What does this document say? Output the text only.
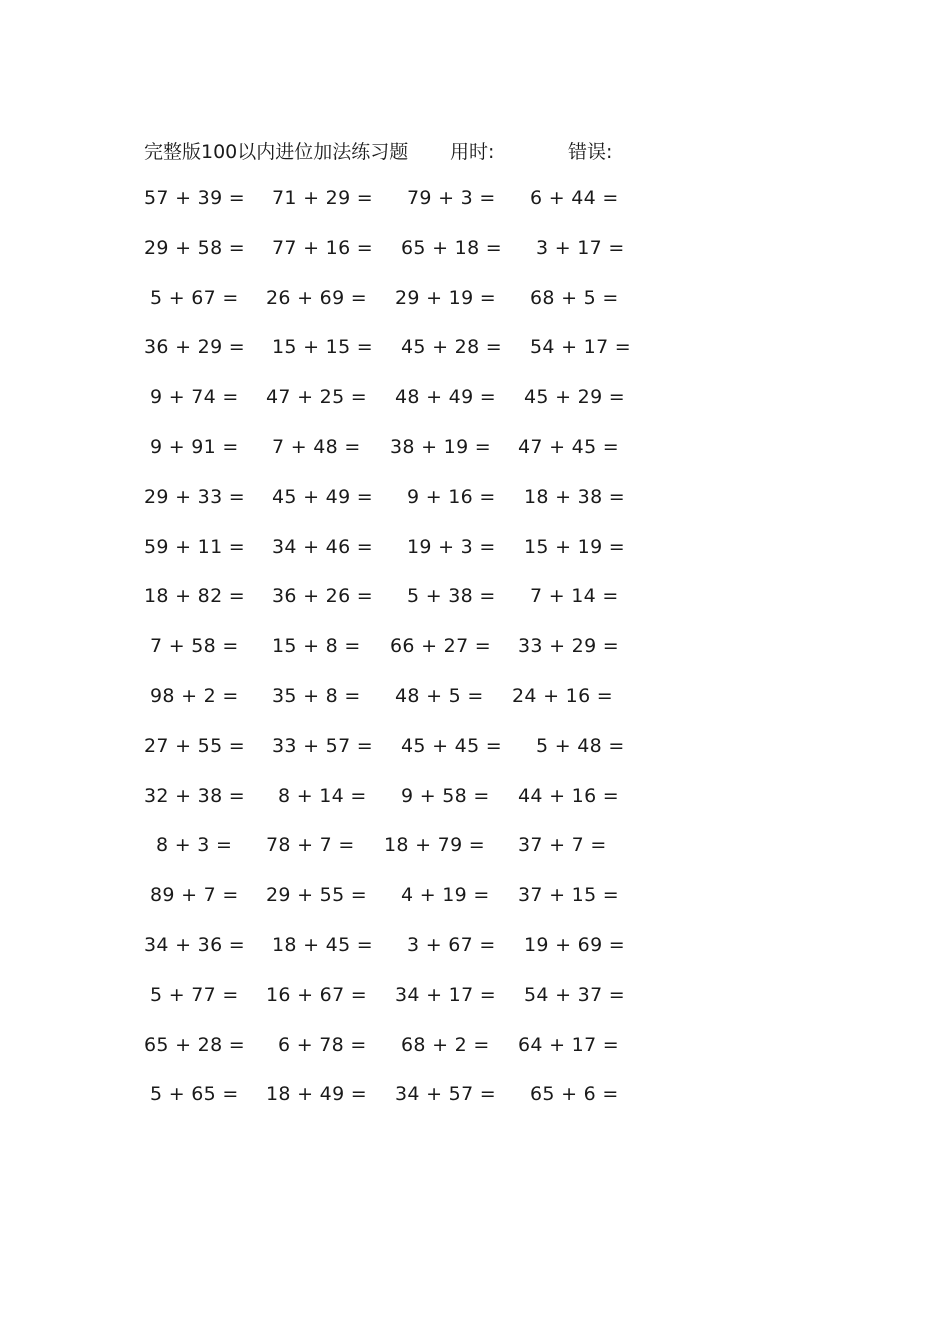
完整版100以内进位加法练习题 用时:	错误:
57 + 39 = 71 + 29 = 79 + 3 = 6 + 44 =
29 + 58 = 77 + 16 = 65 + 18 = 3 + 17 =
5 + 67 = 26 + 69 = 29 + 19 = 68 + 5 =
36 + 29 = 15 + 15 = 45 + 28 = 54 + 17 =
9 + 74 = 47 + 25 = 48 + 49 = 45 + 29 =
9 + 91 = 7 + 48 = 38 + 19 = 47 + 45 =
29 + 33 = 45 + 49 = 9 + 16 = 18 + 38 =
59 + 11 = 34 + 46 = 19 + 3 = 15 + 19 =
18 + 82 = 36 + 26 = 5 + 38 = 7 + 14 =
7 + 58 = 15 + 8 = 66 + 27 = 33 + 29 =
98 + 2 = 35 + 8 = 48 + 5 = 24 + 16 =
27 + 55 = 33 + 57 = 45 + 45 = 5 + 48 =
32 + 38 = 8 + 14 = 9 + 58 = 44 + 16 =
8 + 3 = 78 + 7 = 18 + 79 = 37 + 7 =
89 + 7 = 29 + 55 = 4 + 19 = 37 + 15 =
34 + 36 = 18 + 45 = 3 + 67 = 19 + 69 =
5 + 77 = 16 + 67 = 34 + 17 = 54 + 37 =
65 + 28 = 6 + 78 = 68 + 2 = 64 + 17 =
5 + 65 = 18 + 49 = 34 + 57 = 65 + 6 =
